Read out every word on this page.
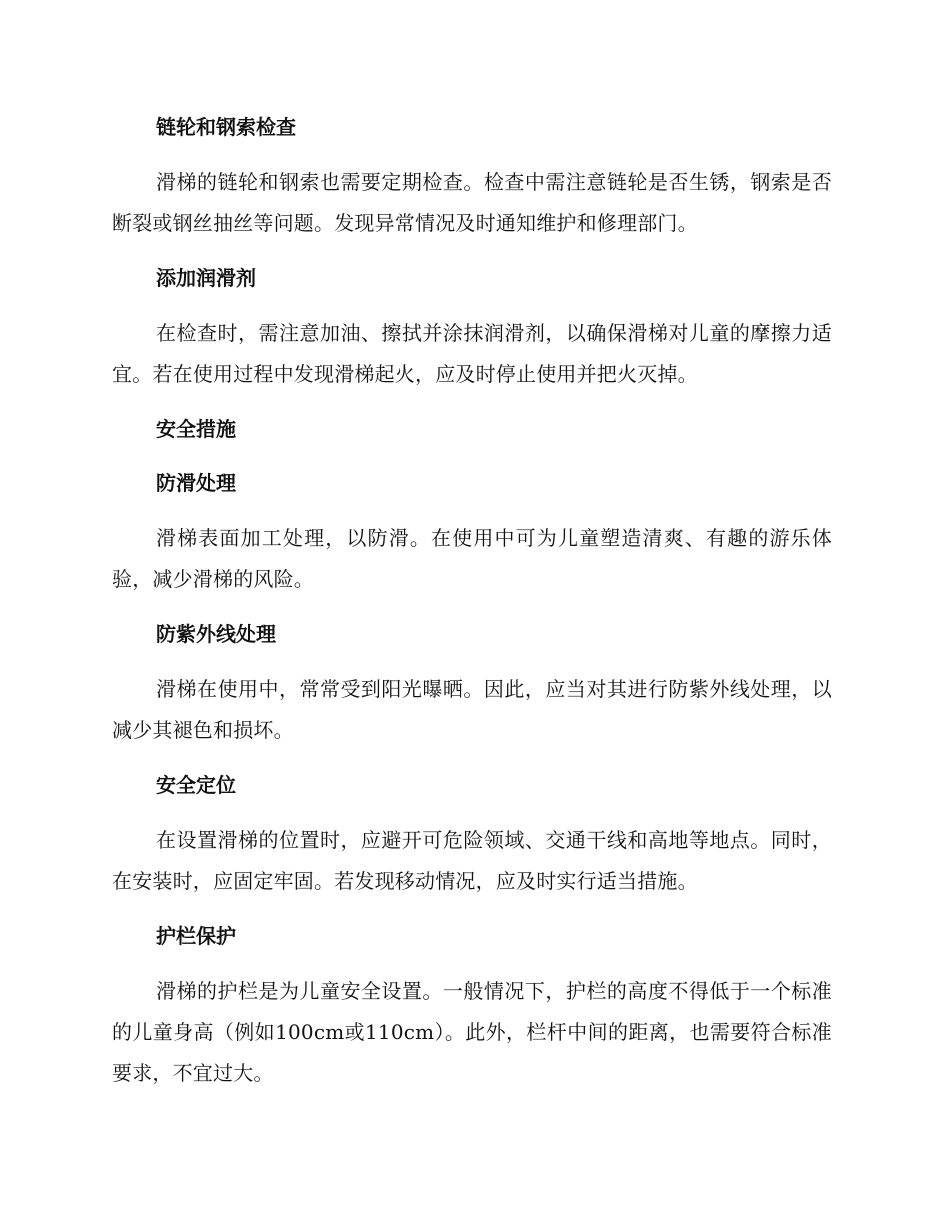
链轮和钢索检查

滑梯的链轮和钢索也需要定期检查。检查中需注意链轮是否生锈，钢索是否断裂或钢丝抽丝等问题。发现异常情况及时通知维护和修理部门。

添加润滑剂

在检查时，需注意加油、擦拭并涂抹润滑剂，以确保滑梯对儿童的摩擦力适宜。若在使用过程中发现滑梯起火，应及时停止使用并把火灭掉。

安全措施
防滑处理

滑梯表面加工处理，以防滑。在使用中可为儿童塑造清爽、有趣的游乐体验，减少滑梯的风险。

防紫外线处理

滑梯在使用中，常常受到阳光曝晒。因此，应当对其进行防紫外线处理，以减少其褪色和损坏。

安全定位

在设置滑梯的位置时，应避开可危险领域、交通干线和高地等地点。同时，在安装时，应固定牢固。若发现移动情况，应及时实行适当措施。

护栏保护

滑梯的护栏是为儿童安全设置。一般情况下，护栏的高度不得低于一个标准的儿童身高（例如100cm或110cm）。此外，栏杆中间的距离，也需要符合标准要求，不宜过大。
